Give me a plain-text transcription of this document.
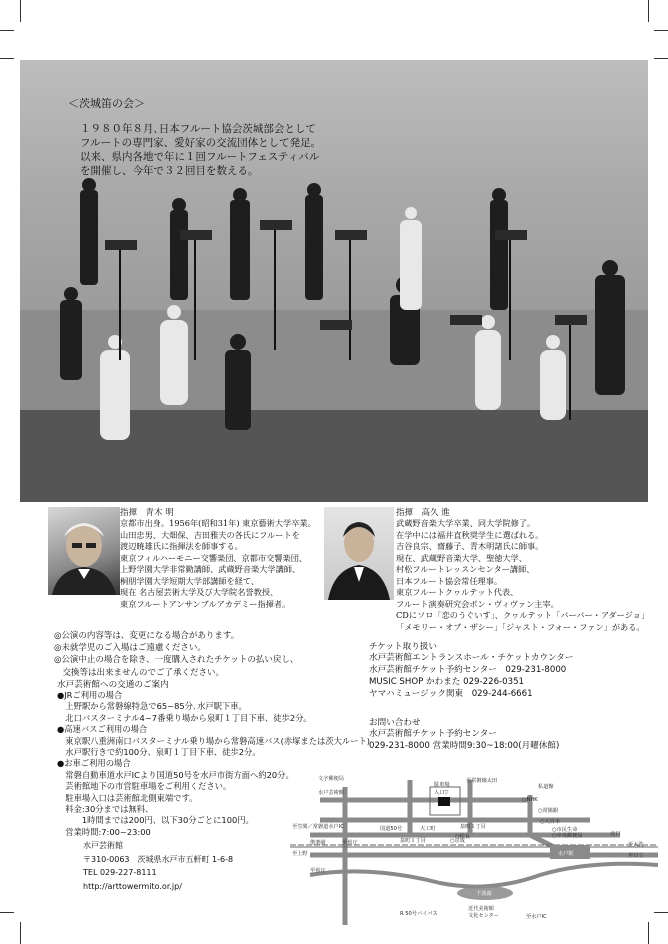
＜茨城笛の会＞
１９８０年８月､日本フルート協会茨城部会として
フルートの専門家、愛好家の交流団体として発足。
以来、県内各地で年に１回フルートフェスティバル
を開催し、今年で３２回目を数える。
指揮　青木 明
京都市出身。1956年(昭和31年) 東京藝術大学卒業。
山田忠男、大畑保、吉田雅夫の各氏にフルートを
渡辺暁雄氏に指揮法を師事する。
東京フィルハーモニー交響楽団、京都市交響楽団、
上野学園大学非常勤講師、武蔵野音楽大学講師、
桐朋学園大学短期大学部講師を経て、
現在 名古屋芸術大学及び大学院名誉教授、
東京フルートアンサンブルアカデミー指揮者。
指揮　高久 進
武蔵野音楽大学卒業、同大学院修了。
在学中には福井直秋奨学生に選ばれる。
吉谷良宗、齋藤子、青木明諸氏に師事。
現在、武蔵野音楽大学、聖徳大学、
村松フルートレッスンセンター講師、
日本フルート協会常任理事。
東京フルートクヮルテット代表、
フルート演奏研究会ボン・ヴィヴァン主宰。
CDにソロ「恋のうぐいす」、クヮルテット「バーバー・アダージョ」
「メモリー・オブ・ザシー」「ジャスト・フォー・ファン」がある。
◎公演の内容等は、変更になる場合があります。
◎未就学児のご入場はご遠慮ください。
◎公演中止の場合を除き、一度購入されたチケットの払い戻し、
　交換等は出来ませんのでご了承ください。
水戸芸術館への交通のご案内
●JRご利用の場合
　上野駅から常磐線特急で65~85分､水戸駅下車。
　北口バスターミナル4~7番乗り場から泉町１丁目下車、徒歩2分。
●高速バスご利用の場合
　東京駅八重洲南口バスターミナル乗り場から常磐高速バス(赤塚または茨大ルート)
　水戸駅行きで約100分、泉町１丁目下車、徒歩2分。
●お車ご利用の場合
　常磐自動車道水戸ICより国道50号を水戸市街方面へ約20分。
　芸術館地下の市営駐車場をご利用ください。
　駐車場入口は芸術館北側東端です。
　料金:30分までは無料、
　　　1時間までは200円、以下30分ごとに100円。
　営業時間:7:00~23:00
水戸芸術館
〒310-0063　茨城県水戸市五軒町 1-6-8
TEL 029-227-8111
http://arttowermito.or.jp/
チケット取り扱い
水戸芸術館エントランスホール・チケットカウンター
水戸芸術館チケット予約センター　029-231-8000
MUSIC SHOP かわまた 029-226-0351
ヤマハミュージック関東　029-244-6661
お問い合わせ
水戸芸術館チケット予約センター
029-231-8000 営業時間9:30~18:00(月曜休館)
至常磐線太田
文字郵便局
駐車場
入口▽
水戸芸術館
私道館
○NHK
○常陽銀
○大日本
○市民生命
○中央郵便局	北口
至笠間／常磐道水戸IC	国道50号	大工町	泉町１丁目
○松長
泉町１丁目	○京成
偕楽園	至県庁
至上野	水戸駅
至大洗
至日立
至県庁
千波湖
R 50号バイパス
近代美術館
文化センター	至水戸IC
